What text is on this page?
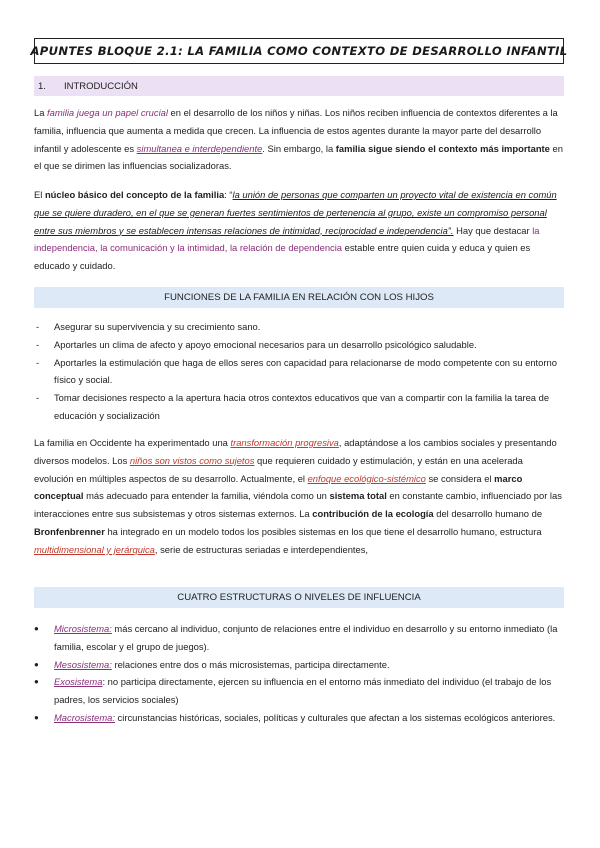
APUNTES BLOQUE 2.1: LA FAMILIA COMO CONTEXTO DE DESARROLLO INFANTIL
1.	INTRODUCCIÓN

La familia juega un papel crucial en el desarrollo de los niños y niñas. Los niños reciben influencia de contextos diferentes a la familia, influencia que aumenta a medida que crecen. La influencia de estos agentes durante la mayor parte del desarrollo infantil y adolescente es simultanea e interdependiente. Sin embargo, la familia sigue siendo el contexto más importante en el que se dirimen las influencias socializadoras.

El núcleo básico del concepto de la familia: “la unión de personas que comparten un proyecto vital de existencia en común que se quiere duradero, en el que se generan fuertes sentimientos de pertenencia al grupo, existe un compromiso personal entre sus miembros y se establecen intensas relaciones de intimidad, reciprocidad e independencia”. Hay que destacar la independencia, la comunicación y la intimidad, la relación de dependencia estable entre quien cuida y educa y quien es educado y cuidado.

FUNCIONES DE LA FAMILIA EN RELACIÓN CON LOS HIJOS
- Asegurar su supervivencia y su crecimiento sano.
- Aportarles un clima de afecto y apoyo emocional necesarios para un desarrollo psicológico saludable.
- Aportarles la estimulación que haga de ellos seres con capacidad para relacionarse de modo competente con su entorno físico y social.
- Tomar decisiones respecto a la apertura hacia otros contextos educativos que van a compartir con la familia la tarea de educación y socialización

La familia en Occidente ha experimentado una transformación progresiva, adaptándose a los cambios sociales y presentando diversos modelos. Los niños son vistos como sujetos que requieren cuidado y estimulación, y están en una acelerada evolución en múltiples aspectos de su desarrollo. Actualmente, el enfoque ecológico-sistémico se considera el marco conceptual más adecuado para entender la familia, viéndola como un sistema total en constante cambio, influenciado por las interacciones entre sus subsistemas y otros sistemas externos. La contribución de la ecología del desarrollo humano de Bronfenbrenner ha integrado en un modelo todos los posibles sistemas en los que tiene el desarrollo humano, estructura multidimensional y jerárquica, serie de estructuras seriadas e interdependientes,

CUATRO ESTRUCTURAS O NIVELES DE INFLUENCIA
● Microsistema: más cercano al individuo, conjunto de relaciones entre el individuo en desarrollo y su entorno inmediato (la familia, escolar y el grupo de juegos).
● Mesosistema: relaciones entre dos o más microsistemas, participa directamente.
● Exosistema: no participa directamente, ejercen su influencia en el entorno más inmediato del individuo (el trabajo de los padres, los servicios sociales)
● Macrosistema: circunstancias históricas, sociales, políticas y culturales que afectan a los sistemas ecológicos anteriores.
